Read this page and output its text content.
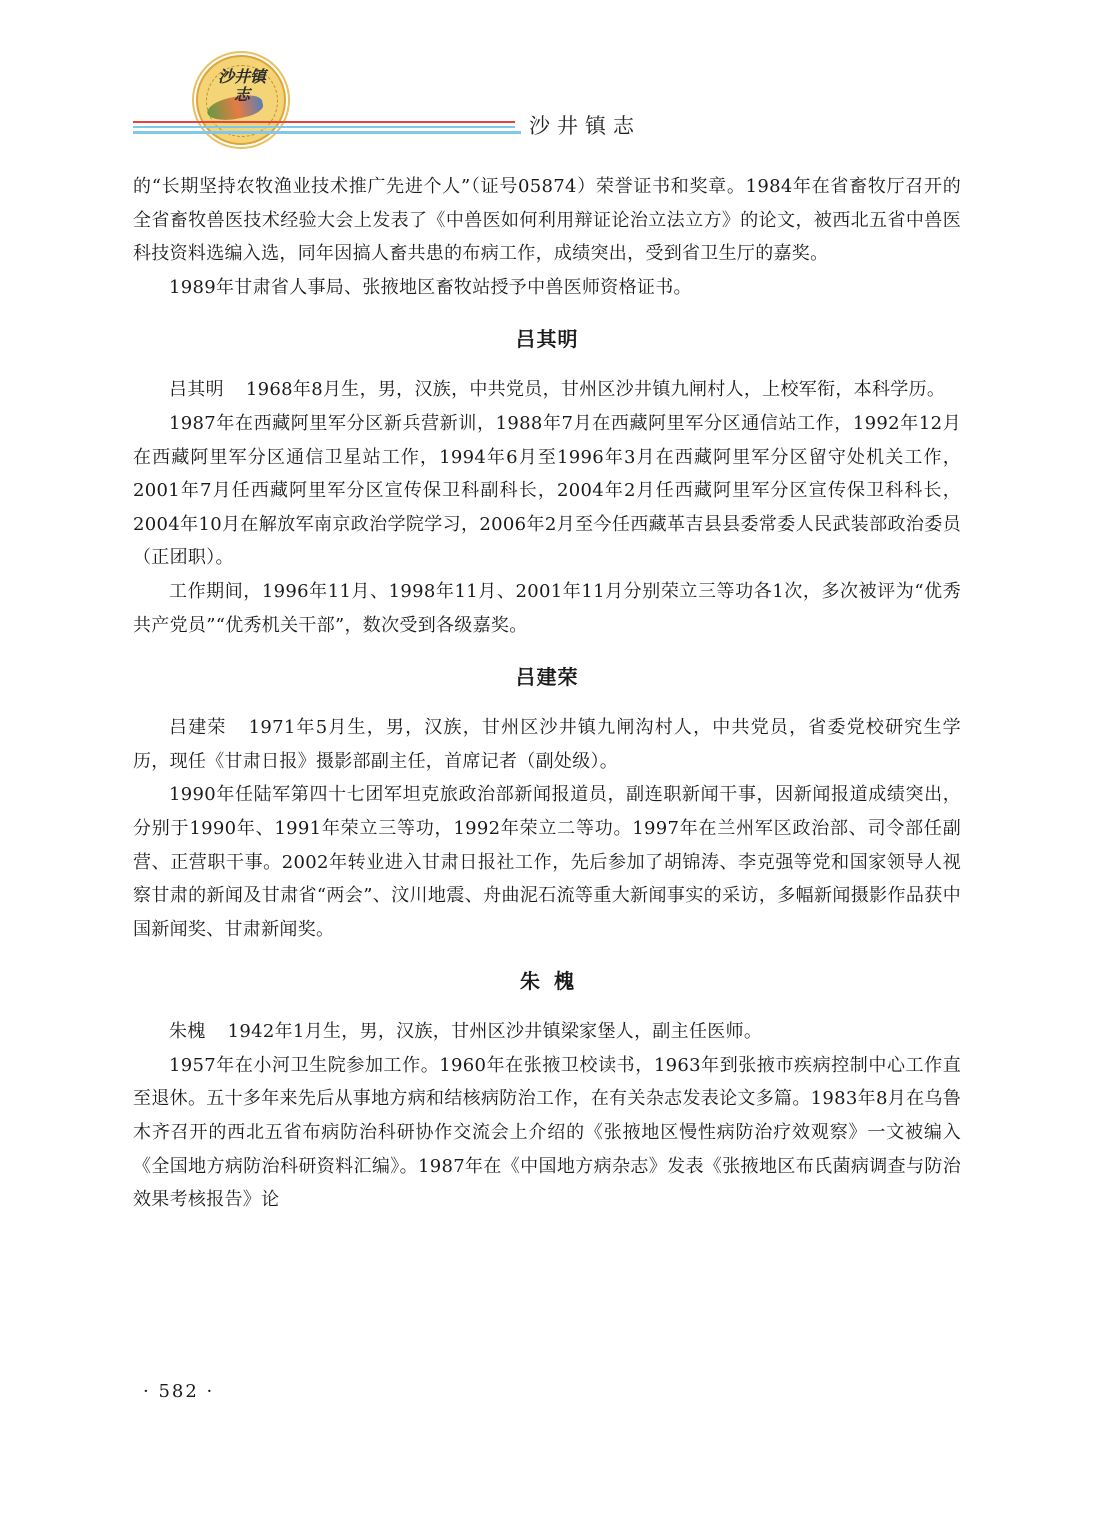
沙井镇志
沙井镇志

的“长期坚持农牧渔业技术推广先进个人”（证号05874）荣誉证书和奖章。1984年在省畜牧厅召开的全省畜牧兽医技术经验大会上发表了《中兽医如何利用辩证论治立法立方》的论文，被西北五省中兽医科技资料选编入选，同年因搞人畜共患的布病工作，成绩突出，受到省卫生厅的嘉奖。

1989年甘肃省人事局、张掖地区畜牧站授予中兽医师资格证书。

吕其明

吕其明 1968年8月生，男，汉族，中共党员，甘州区沙井镇九闸村人，上校军衔，本科学历。

1987年在西藏阿里军分区新兵营新训，1988年7月在西藏阿里军分区通信站工作，1992年12月在西藏阿里军分区通信卫星站工作，1994年6月至1996年3月在西藏阿里军分区留守处机关工作，2001年7月任西藏阿里军分区宣传保卫科副科长，2004年2月任西藏阿里军分区宣传保卫科科长，2004年10月在解放军南京政治学院学习，2006年2月至今任西藏革吉县县委常委人民武装部政治委员（正团职）。

工作期间，1996年11月、1998年11月、2001年11月分别荣立三等功各1次，多次被评为“优秀共产党员”“优秀机关干部”，数次受到各级嘉奖。

吕建荣

吕建荣 1971年5月生，男，汉族，甘州区沙井镇九闸沟村人，中共党员，省委党校研究生学历，现任《甘肃日报》摄影部副主任，首席记者（副处级）。

1990年任陆军第四十七团军坦克旅政治部新闻报道员，副连职新闻干事，因新闻报道成绩突出，分别于1990年、1991年荣立三等功，1992年荣立二等功。1997年在兰州军区政治部、司令部任副营、正营职干事。2002年转业进入甘肃日报社工作，先后参加了胡锦涛、李克强等党和国家领导人视察甘肃的新闻及甘肃省“两会”、汶川地震、舟曲泥石流等重大新闻事实的采访，多幅新闻摄影作品获中国新闻奖、甘肃新闻奖。

朱槐

朱槐 1942年1月生，男，汉族，甘州区沙井镇梁家堡人，副主任医师。

1957年在小河卫生院参加工作。1960年在张掖卫校读书，1963年到张掖市疾病控制中心工作直至退休。五十多年来先后从事地方病和结核病防治工作，在有关杂志发表论文多篇。1983年8月在乌鲁木齐召开的西北五省布病防治科研协作交流会上介绍的《张掖地区慢性病防治疗效观察》一文被编入《全国地方病防治科研资料汇编》。1987年在《中国地方病杂志》发表《张掖地区布氏菌病调查与防治效果考核报告》论

· 582 ·
